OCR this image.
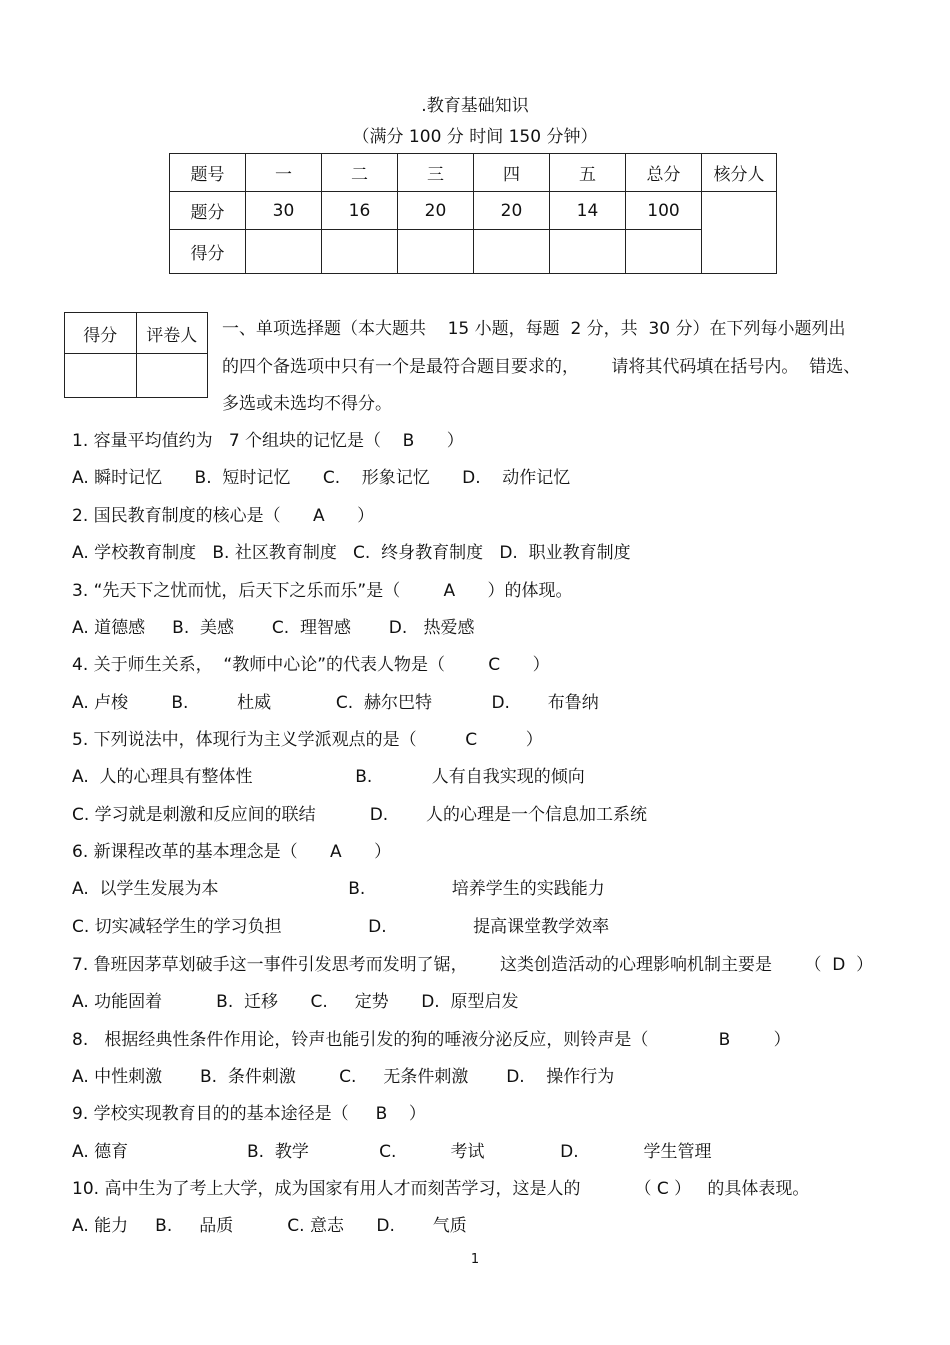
.教育基础知识
（满分 100 分 时间 150 分钟）
题号	一	二	三	四	五	总分	核分人
题分	30	16	20	20	14	100	
得分							
得分	评卷人
	一、单项选择题（本大题共    15 小题，每题  2 分，共  30 分）在下列每小题列出
的四个备选项中只有一个是最符合题目要求的，      请将其代码填在括号内。  错选、
多选或未选均不得分。
1. 容量平均值约为   7 个组块的记忆是（    B      ）
A. 瞬时记忆      B.  短时记忆      C.    形象记忆      D.    动作记忆
2. 国民教育制度的核心是（      A      ）
A. 学校教育制度   B. 社区教育制度   C.  终身教育制度   D.  职业教育制度
3. “先天下之忧而忧，后天下之乐而乐”是（        A      ）的体现。
A. 道德感     B.  美感       C.  理智感       D.   热爱感
4. 关于师生关系，  “教师中心论”的代表人物是（        C      ）
A. 卢梭        B.         杜威            C.  赫尔巴特           D.       布鲁纳
5. 下列说法中，体现行为主义学派观点的是（         C         ）
A.  人的心理具有整体性                   B.           人有自我实现的倾向
C. 学习就是刺激和反应间的联结          D.       人的心理是一个信息加工系统
6. 新课程改革的基本理念是（      A      ）
A.  以学生发展为本                        B.                培养学生的实践能力
C. 切实减轻学生的学习负担                D.                提高课堂教学效率
7. 鲁班因茅草划破手这一事件引发思考而发明了锯，      这类创造活动的心理影响机制主要是      （  D  ）
A. 功能固着          B.  迁移      C.     定势      D.  原型启发
8.   根据经典性条件作用论，铃声也能引发的狗的唾液分泌反应，则铃声是（             B        ）
A. 中性刺激       B.  条件刺激        C.     无条件刺激       D.    操作行为
9. 学校实现教育目的的基本途径是（     B    ）
A. 德育                      B.  教学             C.          考试              D.            学生管理
10. 高中生为了考上大学，成为国家有用人才而刻苦学习，这是人的          （ C ）   的具体表现。
A. 能力     B.     品质          C. 意志      D.       气质
1
